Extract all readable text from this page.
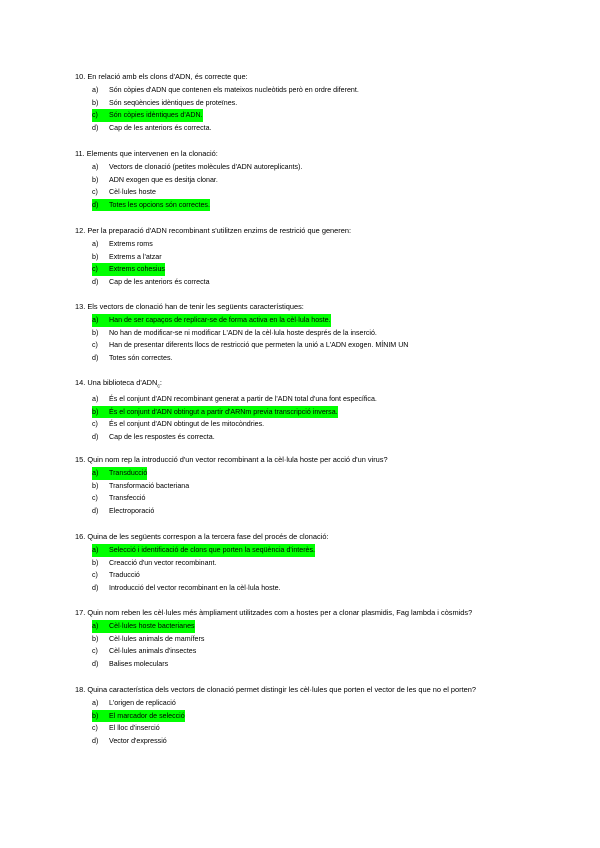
10. En relació amb els clons d'ADN, és correcte que:
a) Són còpies d'ADN que contenen els mateixos nucleòtids però en ordre diferent.
b) Són seqüències idèntiques de proteïnes.
c)	Són còpies idèntiques d'ADN.
d) Cap de les anteriors és correcta.
11. Elements que intervenen en la clonació:
a) Vectors de clonació (petites molècules d'ADN autoreplicants).
b) ADN exogen que es desitja clonar.
c) Cèl·lules hoste
d)	Totes les opcions són correctes.
12. Per la preparació d'ADN recombinant s'utilitzen enzims de restrició que generen:
a) Extrems roms
b) Extrems a l'atzar
c)	Extrems cohesius
d) Cap de les anteriors és correcta
13. Els vectors de clonació han de tenir les següents característiques:
a)	Han de ser capaços de replicar-se de forma activa en la cèl·lula hoste.
b) No han de modificar-se ni modificar L'ADN de la cèl·lula hoste després de la inserció.
c) Han de presentar diferents llocs de restricció que permeten la unió a L'ADN exogen. MÍNIM UN
d) Totes són correctes.
14. Una biblioteca $d'ADN_c$:
a) És el conjunt d'ADN recombinant generat a partir de l'ADN total d'una font específica.
b)	És el conjunt d'ADN obtingut a partir d'ARNm previa transcripció inversa.
c) És el conjunt d'ADN obtingut de les mitocòndries.
d) Cap de les respostes és correcta.
15. Quin nom rep la introducció d'un vector recombinant a la cèl·lula hoste per acció d'un virus?
a)	Transducció
b) Transformació bacteriana
c) Transfecció
d) Electroporació
16. Quina de les següents correspon a la tercera fase del procés de clonació:
a)	Selecció i identificació de clons que porten la seqüència d'interès.
b) Creacció d'un vector recombinant.
c) Traducció
d) Introducció del vector recombinant en la cèl·lula hoste.
17. Quin nom reben les cèl·lules més àmpliament utilitzades com a hostes per a clonar plasmidis, Fag lambda i còsmids?
a)	Cèl·lules hoste bacterianes
b) Cèl·lules animals de mamífers
c) Cèl·lules animals d'insectes
d) Balises moleculars
18. Quina característica dels vectors de clonació permet distingir les cèl·lules que porten el vector de les que no el porten?
a) L'origen de replicació
b)	El marcador de selecció
c) El lloc d'inserció
d) Vector d'expressió
